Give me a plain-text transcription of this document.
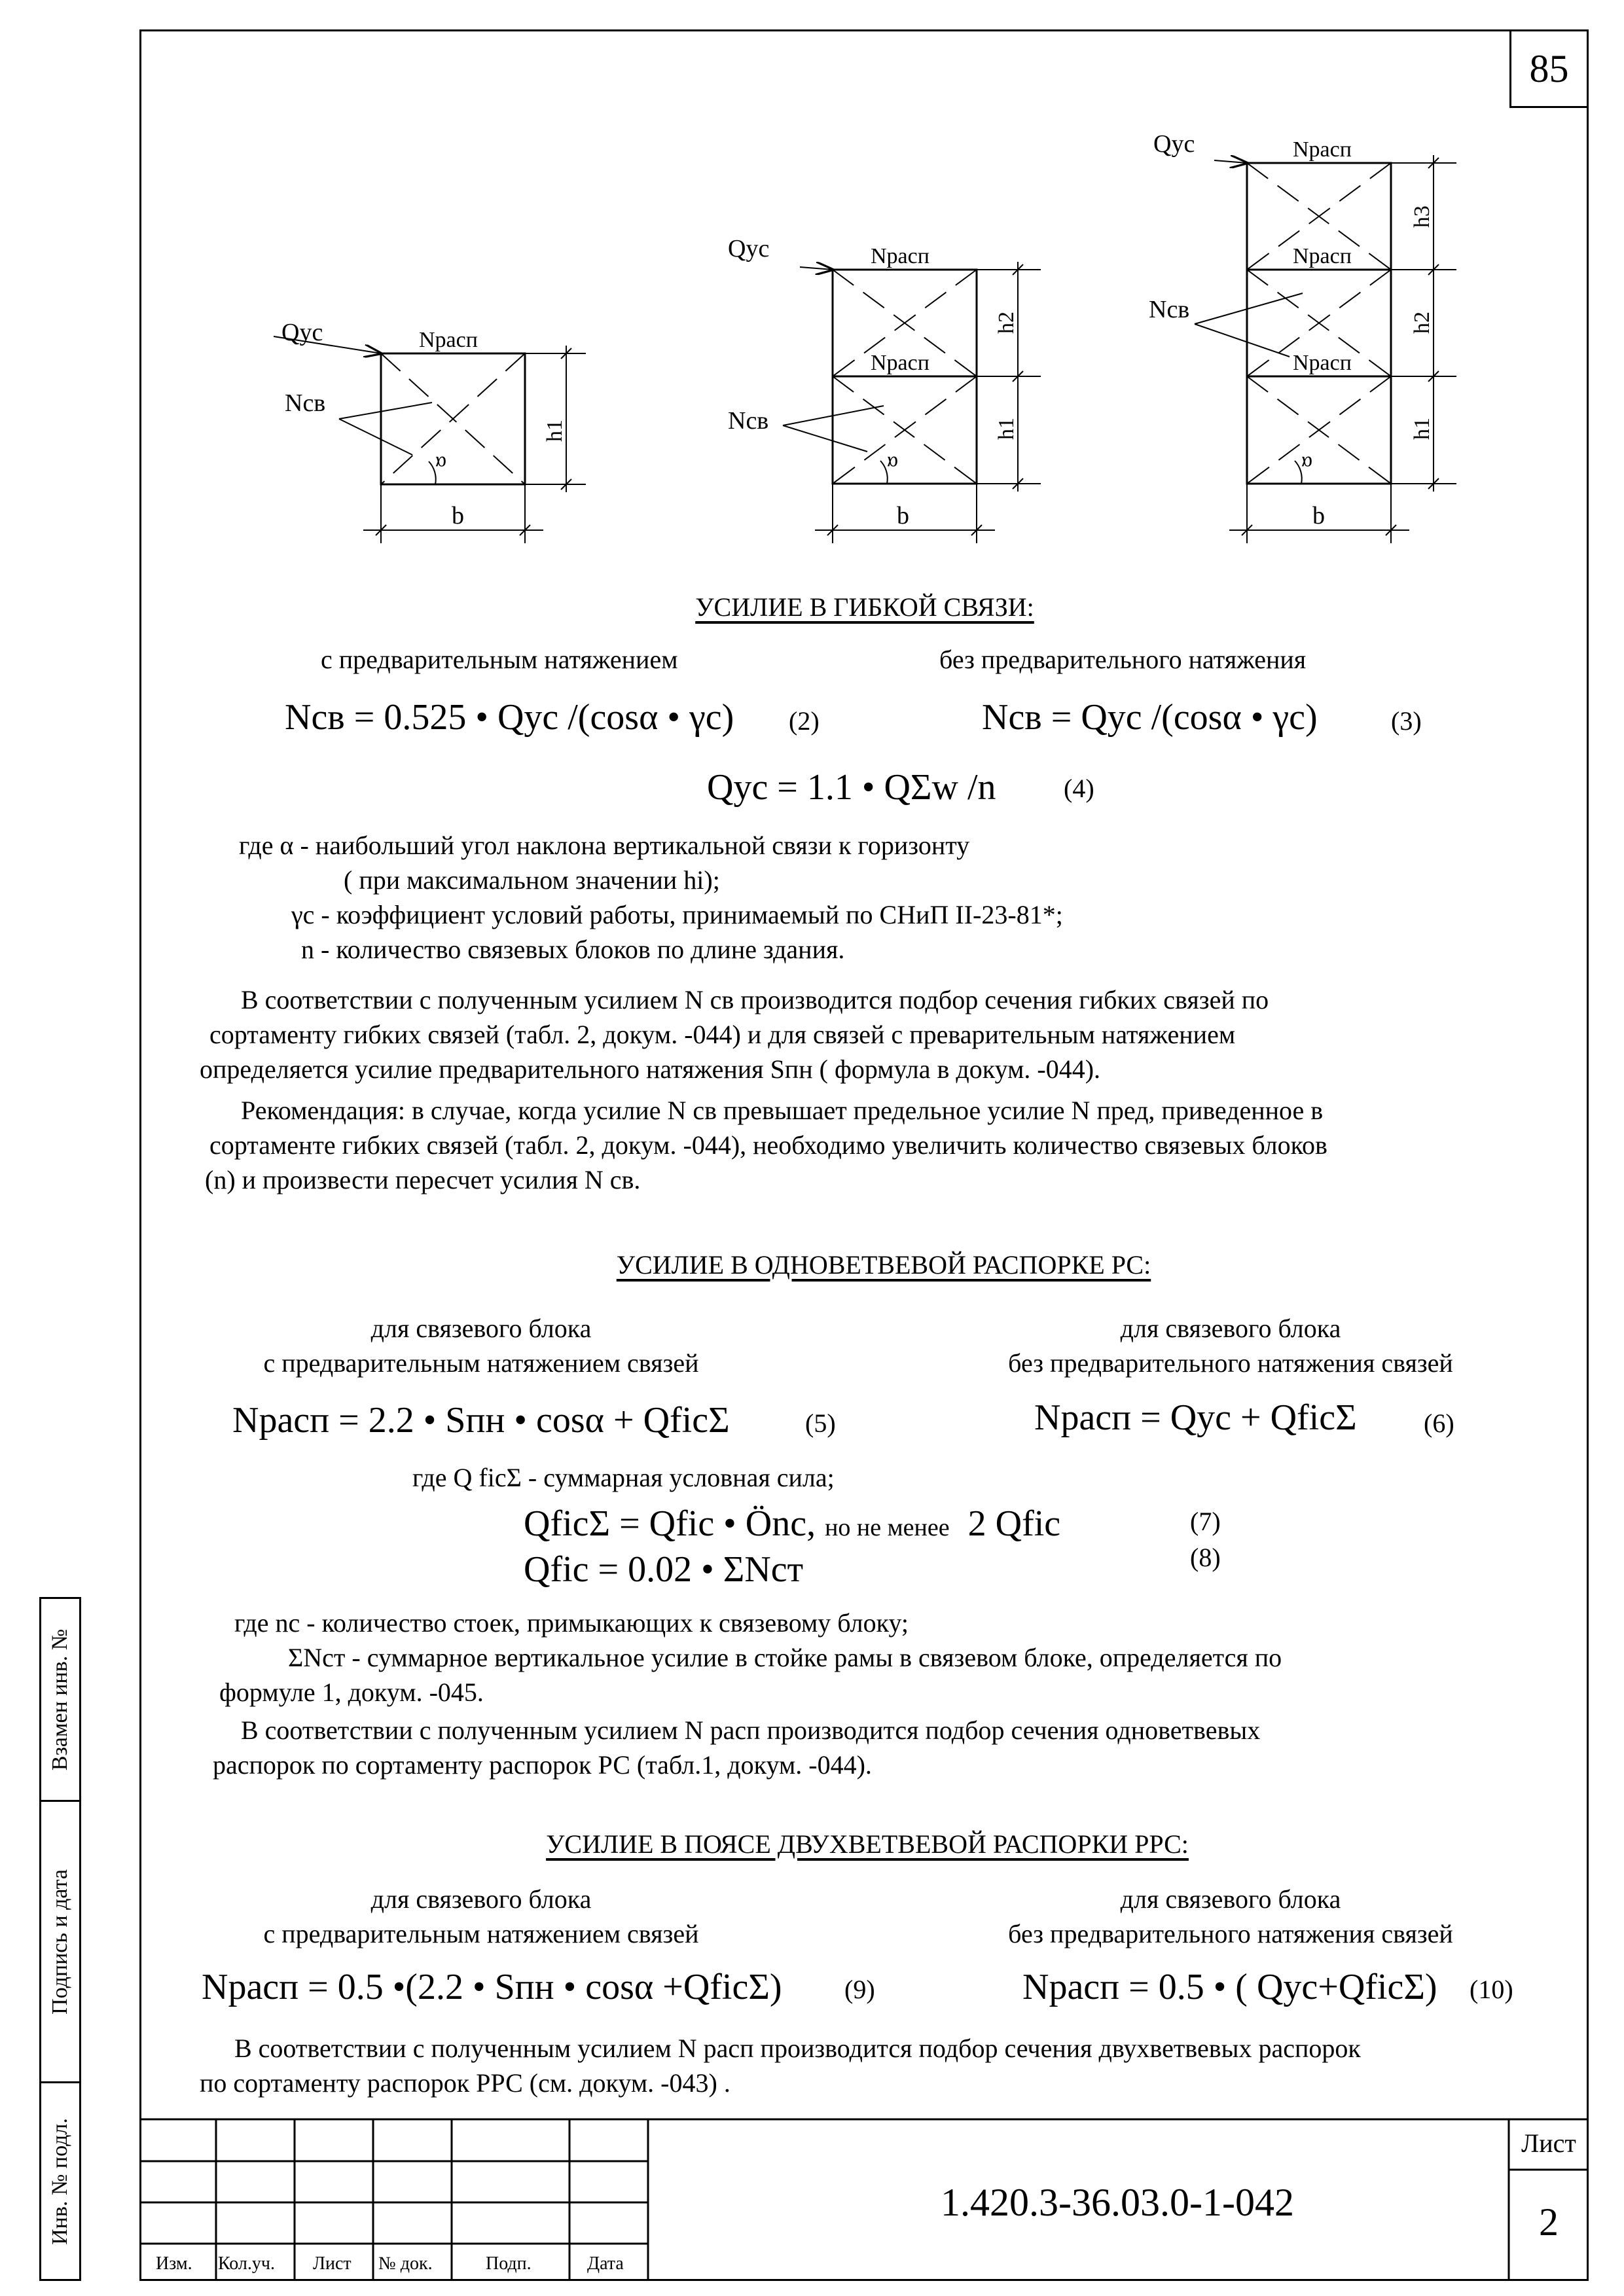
85
Qус	Nрасп
Nсв
b
α
h1
Qус	Nрасп
Nрасп
Nсв
b
α
h2
h1
Qус	Nрасп
Nрасп
Nрасп
Nсв
b
α
h3
h2
h1
УСИЛИЕ В ГИБКОЙ СВЯЗИ:
с предварительным натяжением	без предварительного натяжения
Nсв = 0.525 • Qус /(cosα • γс) (2)	Nсв = Qус /(cosα • γс)	(3)
Qус = 1.1 • QΣw /n	(4)
где α - наибольший угол наклона вертикальной связи к горизонту
( при максимальном значении hi);
γс - коэффициент условий работы, принимаемый по СНиП II-23-81*;
n - количество связевых блоков по длине здания.
В соответствии с полученным усилием N св производится подбор сечения гибких связей по
сортаменту гибких связей (табл. 2, докум. -044) и для связей с преварительным натяжением
определяется усилие предварительного натяжения Sпн ( формула в докум. -044).
Рекомендация: в случае, когда усилие N св превышает предельное усилие N пред, приведенное в
сортаменте гибких связей (табл. 2, докум. -044), необходимо увеличить количество связевых блоков
(n) и произвести пересчет усилия N св.
УСИЛИЕ В ОДНОВЕТВЕВОЙ РАСПОРКЕ РС:
для связевого блока
с предварительным натяжением связей
для связевого блока
без предварительного натяжения связей
Nрасп = 2.2 • Sпн • cosα + QficΣ	(5)	Nрасп = Qус + QficΣ	(6)
где Q ficΣ - суммарная условная сила;
QficΣ = Qfic • Önс, но не менее 2 Qfic	(7)
Qfic = 0.02 • ΣNст	(8)
где nс - количество стоек, примыкающих к связевому блоку;
ΣNст - суммарное вертикальное усилие в стойке рамы в связевом блоке, определяется по
формуле 1, докум. -045.
В соответствии с полученным усилием N расп производится подбор сечения одноветвевых
распорок по сортаменту распорок РС (табл.1, докум. -044).
УСИЛИЕ В ПОЯСЕ ДВУХВЕТВЕВОЙ РАСПОРКИ РРС:
для связевого блока
с предварительным натяжением связей
для связевого блока
без предварительного натяжения связей
Nрасп = 0.5 •(2.2 • Sпн • cosα +QficΣ) (9)	Nрасп = 0.5 • ( Qус+QficΣ) (10)
В соответствии с полученным усилием N расп производится подбор сечения двухветвевых распорок
по сортаменту распорок РРС (см. докум. -043) .
Взамен инв. №
Подпись и дата
Инв. № подл.
Изм. Кол.уч. Лист № док.	Подп.	Дата
1.420.3-36.03.0-1-042
Лист
2
